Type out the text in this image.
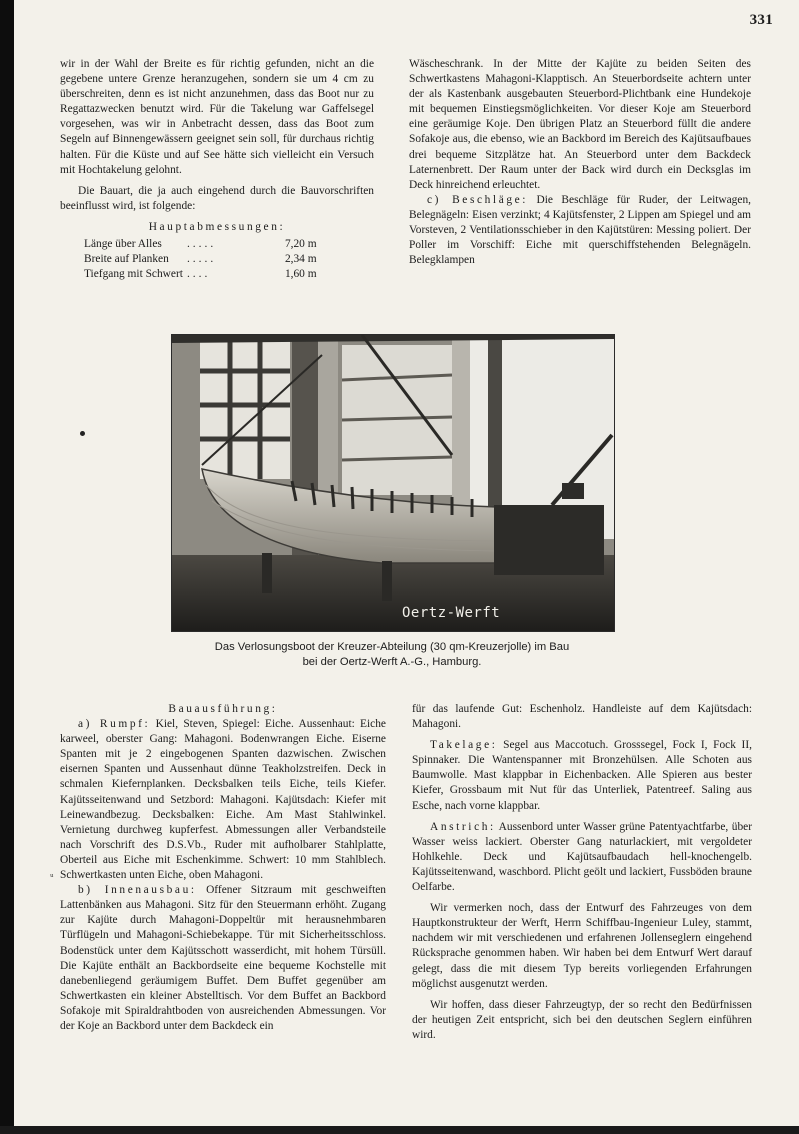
331

wir in der Wahl der Breite es für richtig gefunden, nicht an die gegebene untere Grenze heranzugehen, sondern sie um 4 cm zu überschreiten, denn es ist nicht anzunehmen, dass das Boot nur zu Regattazwecken benutzt wird. Für die Takelung war Gaffelsegel vorgesehen, was wir in Anbetracht dessen, dass das Boot zum Segeln auf Binnengewässern geeignet sein soll, für durchaus richtig halten. Für die Küste und auf See hätte sich vielleicht ein Versuch mit Hochtakelung gelohnt.

Die Bauart, die ja auch eingehend durch die Bauvorschriften beeinflusst wird, ist folgende:

Hauptabmessungen:

Länge über Alles	.....	7,20 m
Breite auf Planken	.....	2,34 m
Tiefgang mit Schwert	....	1,60 m

Wäscheschrank. In der Mitte der Kajüte zu beiden Seiten des Schwertkastens Mahagoni-Klapptisch. An Steuerbordseite achtern unter der als Kastenbank ausgebauten Steuerbord-Plichtbank eine Hundekoje mit bequemen Einstiegsmöglichkeiten. Vor dieser Koje am Steuerbord eine geräumige Koje. Den übrigen Platz an Steuerbord füllt die andere Sofakoje aus, die ebenso, wie an Backbord im Bereich des Kajütsaufbaues drei bequeme Sitzplätze hat. An Steuerbord unter dem Backdeck Laternenbrett. Der Raum unter der Back wird durch ein Decksglas im Deck hinreichend erleuchtet.

c) Beschläge: Die Beschläge für Ruder, der Leitwagen, Belegnägeln: Eisen verzinkt; 4 Kajütsfenster, 2 Lippen am Spiegel und am Vorsteven, 2 Ventilationsschieber in den Kajütstüren: Messing poliert. Der Poller im Vorschiff: Eiche mit querschiffstehenden Belegnägeln. Belegklampen

Oertz-Werft
Das Verlosungsboot der Kreuzer-Abteilung (30 qm-Kreuzerjolle) im Bau
bei der Oertz-Werft A.-G., Hamburg.
ᵤ

Bauausführung:

a) Rumpf: Kiel, Steven, Spiegel: Eiche. Aussenhaut: Eiche karweel, oberster Gang: Mahagoni. Bodenwrangen Eiche. Eiserne Spanten mit je 2 eingebogenen Spanten dazwischen. Zwischen eisernen Spanten und Aussenhaut dünne Teakholzstreifen. Deck in schmalen Kiefernplanken. Decksbalken teils Eiche, teils Kiefer. Kajütsseitenwand und Setzbord: Mahagoni. Kajütsdach: Kiefer mit Leinewandbezug. Decksbalken: Eiche. Am Mast Stahlwinkel. Vernietung durchweg kupferfest. Abmessungen aller Verbandsteile nach Vorschrift des D.S.Vb., Ruder mit aufholbarer Stahlplatte, Oberteil aus Eiche mit Eschenkimme. Schwert: 10 mm Stahlblech. Schwertkasten unten Eiche, oben Mahagoni.

b) Innenausbau: Offener Sitzraum mit geschweiften Lattenbänken aus Mahagoni. Sitz für den Steuermann erhöht. Zugang zur Kajüte durch Mahagoni-Doppeltür mit herausnehmbaren Türflügeln und Mahagoni-Schiebekappe. Tür mit Sicherheitsschloss. Bodenstück unter dem Kajütsschott wasserdicht, mit hohem Türsüll. Die Kajüte enthält an Backbordseite eine bequeme Kochstelle mit danebenliegend geräumigem Buffet. Dem Buffet gegenüber am Schwertkasten ein kleiner Abstelltisch. Vor dem Buffet an Backbord Sofakoje mit Spiraldrahtboden von ausreichenden Abmessungen. Vor der Koje an Backbord unter dem Backdeck ein

für das laufende Gut: Eschenholz. Handleiste auf dem Kajütsdach: Mahagoni.

Takelage: Segel aus Maccotuch. Grosssegel, Fock I, Fock II, Spinnaker. Die Wantenspanner mit Bronzehülsen. Alle Schoten aus Baumwolle. Mast klappbar in Eichenbacken. Alle Spieren aus bester Kiefer, Grossbaum mit Nut für das Unterliek, Patentreef. Saling aus Esche, nach vorne klappbar.

Anstrich: Aussenbord unter Wasser grüne Patentyachtfarbe, über Wasser weiss lackiert. Oberster Gang naturlackiert, mit vergoldeter Hohlkehle. Deck und Kajütsaufbaudach hell-knochengelb. Kajütsseitenwand, waschbord. Plicht geölt und lackiert, Fussböden braune Oelfarbe.

Wir vermerken noch, dass der Entwurf des Fahrzeuges von dem Hauptkonstrukteur der Werft, Herrn Schiffbau-Ingenieur Luley, stammt, nachdem wir mit verschiedenen und erfahrenen Jollenseglern eingehend Rücksprache genommen haben. Wir haben bei dem Entwurf Wert darauf gelegt, dass die mit diesem Typ bereits vorliegenden Erfahrungen möglichst ausgenutzt werden.

Wir hoffen, dass dieser Fahrzeugtyp, der so recht den Bedürfnissen der heutigen Zeit entspricht, sich bei den deutschen Seglern einführen wird.
